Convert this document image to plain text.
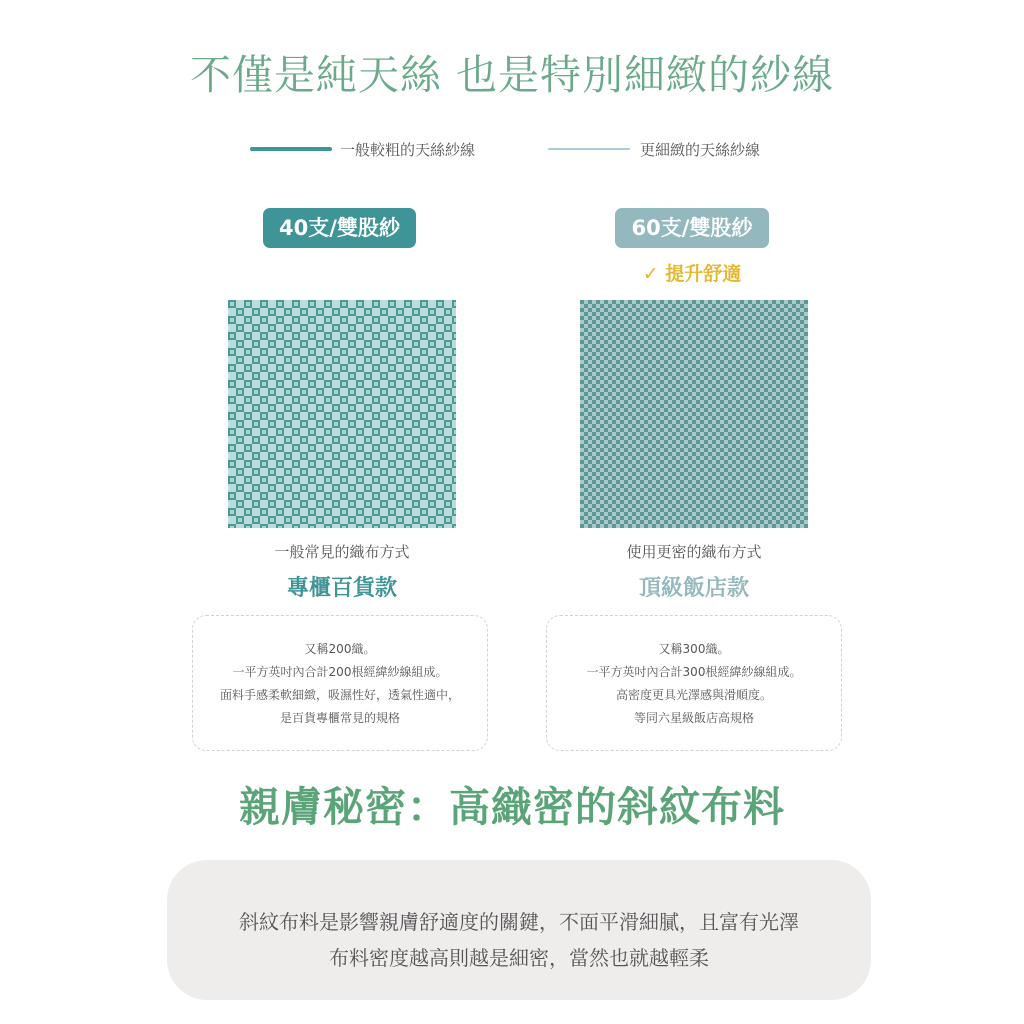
不僅是純天絲 也是特別細緻的紗線
一般較粗的天絲紗線	更細緻的天絲紗線
40支/雙股紗	60支/雙股紗
✓ 提升舒適
一般常見的織布方式	使用更密的織布方式
專櫃百貨款	頂級飯店款
又稱200織。
一平方英吋內合計200根經緯紗線組成。
面料手感柔軟細緻，吸濕性好，透氣性適中，
是百貨專櫃常見的規格
又稱300織。
一平方英吋內合計300根經緯紗線組成。
高密度更具光澤感與滑順度。
等同六星級飯店高規格
親膚秘密：高織密的斜紋布料
斜紋布料是影響親膚舒適度的關鍵，不面平滑細膩，且富有光澤
布料密度越高則越是細密，當然也就越輕柔
